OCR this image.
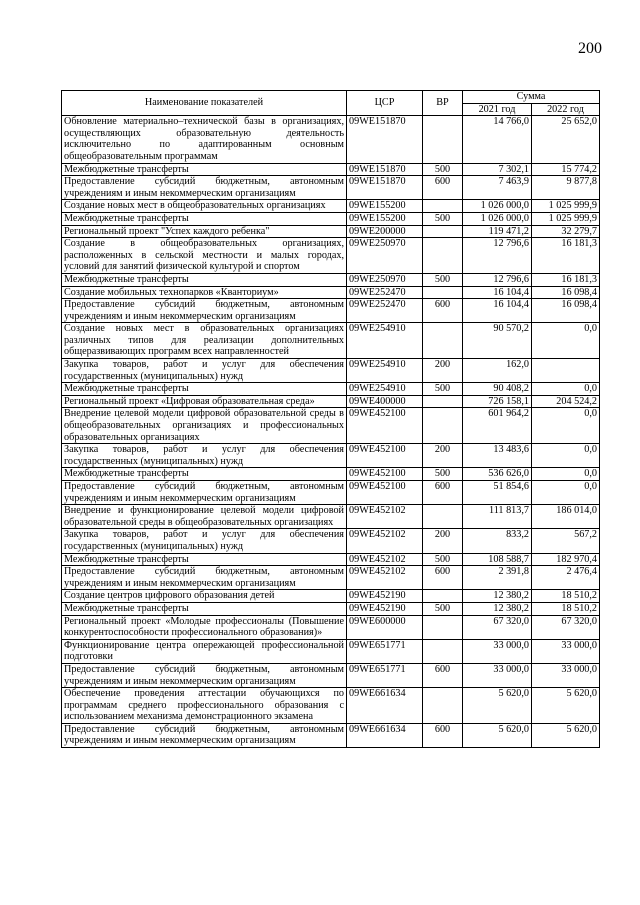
200
Наименование показателей	ЦСР	ВР	Сумма	
			2021 год	2022 год
Обновление материально–технической базы в организациях, осуществляющих образовательную деятельность исключительно по адаптированным основным общеобразовательным программам	09WE151870		14 766,0	25 652,0
Межбюджетные трансферты	09WE151870	500	7 302,1	15 774,2
Предоставление субсидий бюджетным, автономным учреждениям и иным некоммерческим организациям	09WE151870	600	7 463,9	9 877,8
Создание новых мест в общеобразовательных организациях	09WE155200		1 026 000,0	1 025 999,9
Межбюджетные трансферты	09WE155200	500	1 026 000,0	1 025 999,9
Региональный проект "Успех каждого ребенка"	09WE200000		119 471,2	32 279,7
Создание в общеобразовательных организациях, расположенных в сельской местности и малых городах, условий для занятий физической культурой и спортом	09WE250970		12 796,6	16 181,3
Межбюджетные трансферты	09WE250970	500	12 796,6	16 181,3
Создание мобильных технопарков «Кванториум»	09WE252470		16 104,4	16 098,4
Предоставление субсидий бюджетным, автономным учреждениям и иным некоммерческим организациям	09WE252470	600	16 104,4	16 098,4
Создание новых мест в образовательных организациях различных типов для реализации дополнительных общеразвивающих программ всех направленностей	09WE254910		90 570,2	0,0
Закупка товаров, работ и услуг для обеспечения государственных (муниципальных) нужд	09WE254910	200	162,0	
Межбюджетные трансферты	09WE254910	500	90 408,2	0,0
Региональный проект «Цифровая образовательная среда»	09WE400000		726 158,1	204 524,2
Внедрение целевой модели цифровой образовательной среды в общеобразовательных организациях и профессиональных образовательных организациях	09WE452100		601 964,2	0,0
Закупка товаров, работ и услуг для обеспечения государственных (муниципальных) нужд	09WE452100	200	13 483,6	0,0
Межбюджетные трансферты	09WE452100	500	536 626,0	0,0
Предоставление субсидий бюджетным, автономным учреждениям и иным некоммерческим организациям	09WE452100	600	51 854,6	0,0
Внедрение и функционирование целевой модели цифровой образовательной среды в общеобразовательных организациях	09WE452102		111 813,7	186 014,0
Закупка товаров, работ и услуг для обеспечения государственных (муниципальных) нужд	09WE452102	200	833,2	567,2
Межбюджетные трансферты	09WE452102	500	108 588,7	182 970,4
Предоставление субсидий бюджетным, автономным учреждениям и иным некоммерческим организациям	09WE452102	600	2 391,8	2 476,4
Создание центров цифрового образования детей	09WE452190		12 380,2	18 510,2
Межбюджетные трансферты	09WE452190	500	12 380,2	18 510,2
Региональный проект «Молодые профессионалы (Повышение конкурентоспособности профессионального образования)»	09WE600000		67 320,0	67 320,0
Функционирование центра опережающей профессиональной подготовки	09WE651771		33 000,0	33 000,0
Предоставление субсидий бюджетным, автономным учреждениям и иным некоммерческим организациям	09WE651771	600	33 000,0	33 000,0
Обеспечение проведения аттестации обучающихся по программам среднего профессионального образования с использованием механизма демонстрационного экзамена	09WE661634		5 620,0	5 620,0
Предоставление субсидий бюджетным, автономным учреждениям и иным некоммерческим организациям	09WE661634	600	5 620,0	5 620,0
